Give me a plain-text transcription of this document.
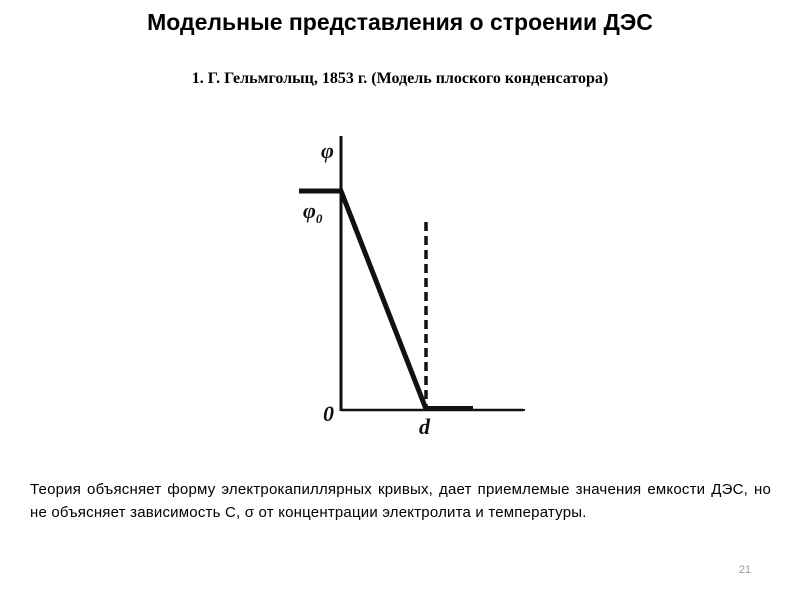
Модельные представления о строении ДЭС
1. Г. Гельмголыц, 1853 г. (Модель плоского конденсатора)
φ
$\varphi_0$
0
d
Теория объясняет форму электрокапиллярных кривых, дает приемлемые значения емкости ДЭС, но не объясняет зависимость С, σ от концентрации электролита и температуры.
21
